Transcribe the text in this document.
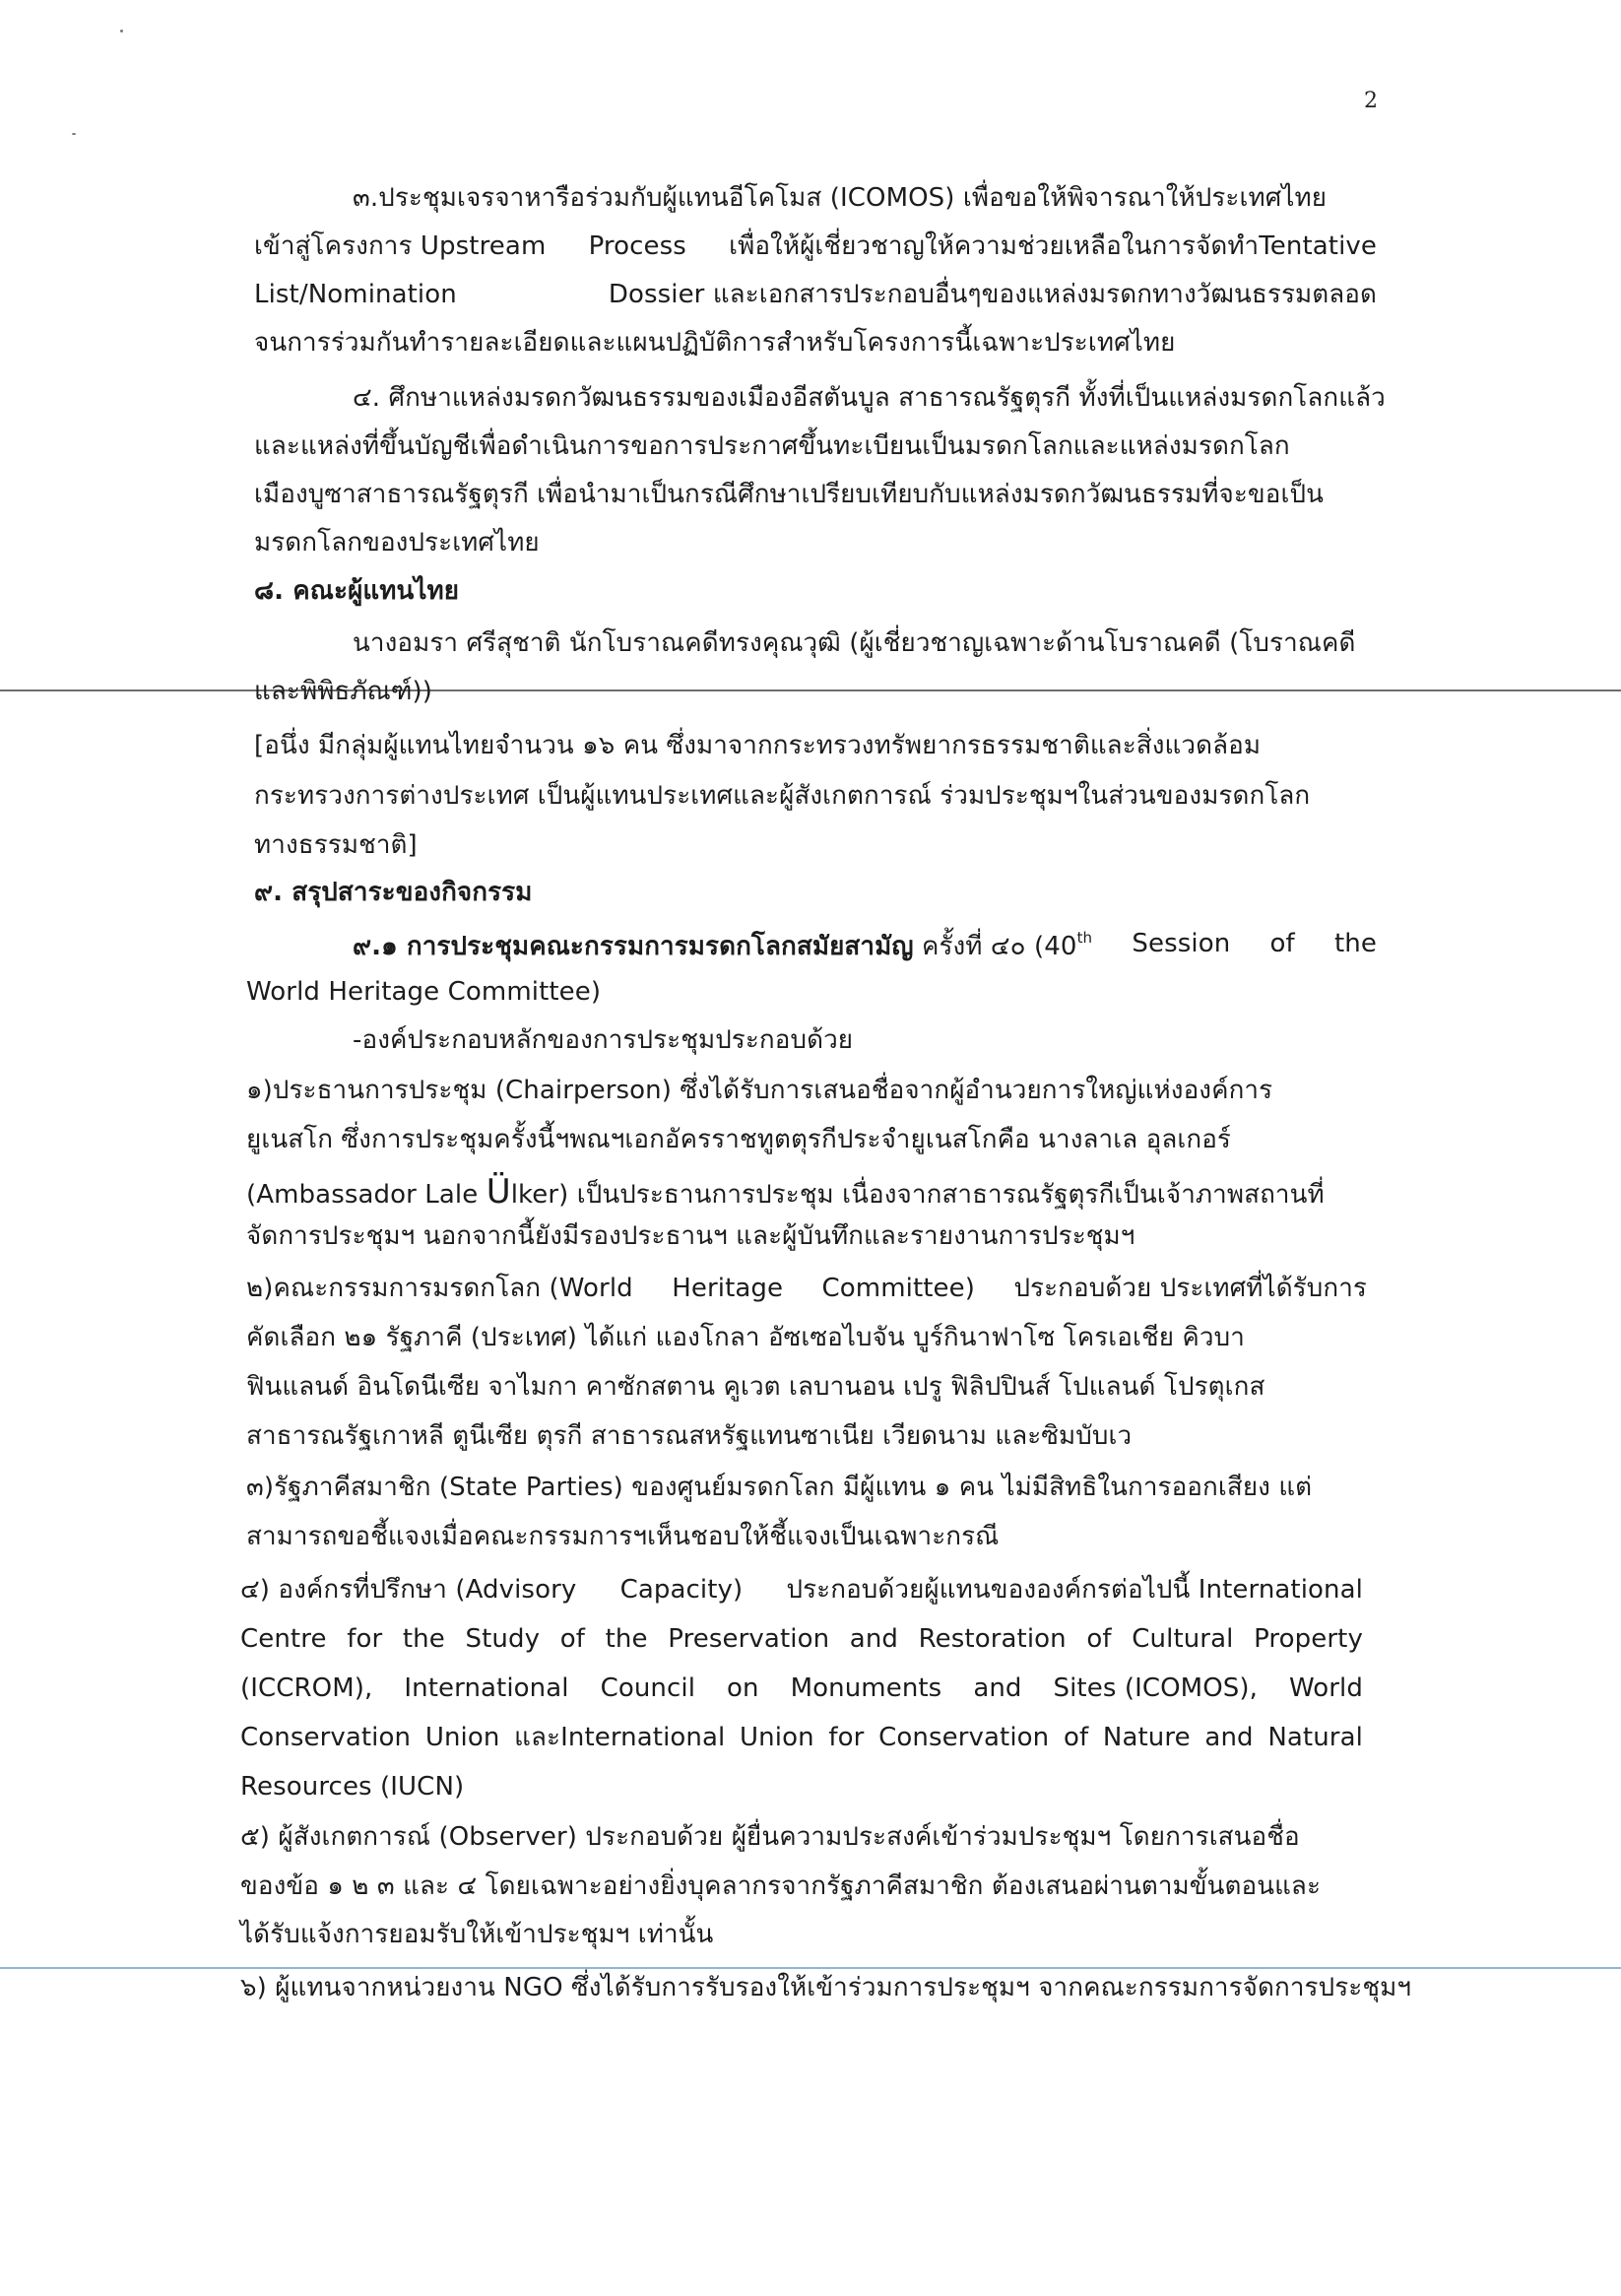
2
๓.ประชุมเจรจาหารือร่วมกับผู้แทนอีโคโมส (ICOMOS) เพื่อขอให้พิจารณาให้ประเทศไทย
เข้าสู่โครงการ Upstream Process เพื่อให้ผู้เชี่ยวชาญให้ความช่วยเหลือในการจัดทำTentative
List/Nomination	Dossier และเอกสารประกอบอื่นๆของแหล่งมรดกทางวัฒนธรรมตลอด
จนการร่วมกันทำรายละเอียดและแผนปฏิบัติการสำหรับโครงการนี้เฉพาะประเทศไทย
๔. ศึกษาแหล่งมรดกวัฒนธรรมของเมืองอีสตันบูล สาธารณรัฐตุรกี ทั้งที่เป็นแหล่งมรดกโลกแล้ว
และแหล่งที่ขึ้นบัญชีเพื่อดำเนินการขอการประกาศขึ้นทะเบียนเป็นมรดกโลกและแหล่งมรดกโลก
เมืองบูซาสาธารณรัฐตุรกี เพื่อนำมาเป็นกรณีศึกษาเปรียบเทียบกับแหล่งมรดกวัฒนธรรมที่จะขอเป็น
มรดกโลกของประเทศไทย
๘. คณะผู้แทนไทย
นางอมรา ศรีสุชาติ นักโบราณคดีทรงคุณวุฒิ (ผู้เชี่ยวชาญเฉพาะด้านโบราณคดี (โบราณคดี
และพิพิธภัณฑ์))
[อนึ่ง มีกลุ่มผู้แทนไทยจำนวน ๑๖ คน ซึ่งมาจากกระทรวงทรัพยากรธรรมชาติและสิ่งแวดล้อม
กระทรวงการต่างประเทศ เป็นผู้แทนประเทศและผู้สังเกตการณ์ ร่วมประชุมฯในส่วนของมรดกโลก
ทางธรรมชาติ]
๙. สรุปสาระของกิจกรรม
๙.๑ การประชุมคณะกรรมการมรดกโลกสมัยสามัญ ครั้งที่ ๔๐ (40th Session of the
World Heritage Committee)
-องค์ประกอบหลักของการประชุมประกอบด้วย
๑)ประธานการประชุม (Chairperson) ซึ่งได้รับการเสนอชื่อจากผู้อำนวยการใหญ่แห่งองค์การ
ยูเนสโก ซึ่งการประชุมครั้งนี้ฯพณฯเอกอัครราชทูตตุรกีประจำยูเนสโกคือ นางลาเล อุลเกอร์
(Ambassador Lale Ülker) เป็นประธานการประชุม เนื่องจากสาธารณรัฐตุรกีเป็นเจ้าภาพสถานที่
จัดการประชุมฯ นอกจากนี้ยังมีรองประธานฯ และผู้บันทึกและรายงานการประชุมฯ
๒)คณะกรรมการมรดกโลก (World Heritage Committee) ประกอบด้วย ประเทศที่ได้รับการ
คัดเลือก ๒๑ รัฐภาคี (ประเทศ) ได้แก่ แองโกลา อัซเซอไบจัน บูร์กินาฟาโซ โครเอเชีย คิวบา
ฟินแลนด์ อินโดนีเซีย จาไมกา คาซักสตาน คูเวต เลบานอน เปรู ฟิลิปปินส์ โปแลนด์ โปรตุเกส
สาธารณรัฐเกาหลี ตูนีเซีย ตุรกี สาธารณสหรัฐแทนซาเนีย เวียดนาม และซิมบับเว
๓)รัฐภาคีสมาชิก (State Parties) ของศูนย์มรดกโลก มีผู้แทน ๑ คน ไม่มีสิทธิในการออกเสียง แต่
สามารถขอชี้แจงเมื่อคณะกรรมการฯเห็นชอบให้ชี้แจงเป็นเฉพาะกรณี
๔) องค์กรที่ปรึกษา (Advisory Capacity) ประกอบด้วยผู้แทนขององค์กรต่อไปนี้ International
Centre for the Study of the Preservation and Restoration of Cultural Property
(ICCROM), International Council on Monuments and Sites (ICOMOS), World
Conservation Union และInternational Union for Conservation of Nature and Natural
Resources (IUCN)
๕) ผู้สังเกตการณ์ (Observer) ประกอบด้วย ผู้ยื่นความประสงค์เข้าร่วมประชุมฯ โดยการเสนอชื่อ
ของข้อ ๑ ๒ ๓ และ ๔ โดยเฉพาะอย่างยิ่งบุคลากรจากรัฐภาคีสมาชิก ต้องเสนอผ่านตามขั้นตอนและ
ได้รับแจ้งการยอมรับให้เข้าประชุมฯ เท่านั้น
๖) ผู้แทนจากหน่วยงาน NGO ซึ่งได้รับการรับรองให้เข้าร่วมการประชุมฯ จากคณะกรรมการจัดการประชุมฯ
